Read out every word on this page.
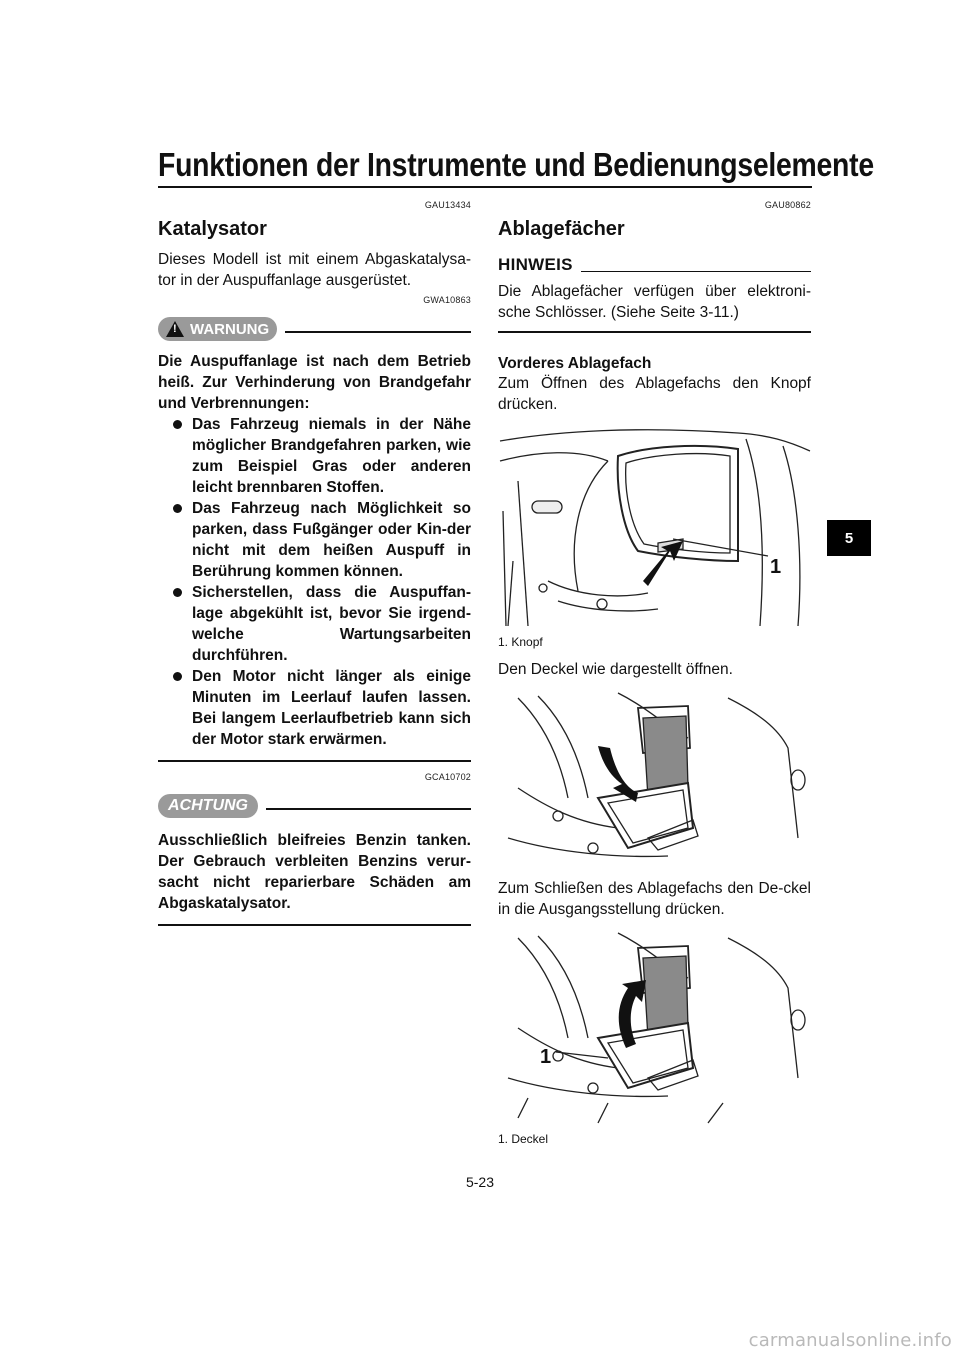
Funktionen der Instrumente und Bedienungselemente
GAU13434
Katalysator
Dieses Modell ist mit einem Abgaskatalysa-tor in der Auspuffanlage ausgerüstet.
GWA10863
! WARNUNG
Die Auspuffanlage ist nach dem Betrieb heiß. Zur Verhinderung von Brandgefahr und Verbrennungen:
Das Fahrzeug niemals in der Nähe möglicher Brandgefahren parken, wie zum Beispiel Gras oder anderen leicht brennbaren Stoffen.
Das Fahrzeug nach Möglichkeit so parken, dass Fußgänger oder Kin-der nicht mit dem heißen Auspuff in Berührung kommen können.
Sicherstellen, dass die Auspuffan-lage abgekühlt ist, bevor Sie irgend-welche Wartungsarbeiten durchführen.
Den Motor nicht länger als einige Minuten im Leerlauf laufen lassen. Bei langem Leerlaufbetrieb kann sich der Motor stark erwärmen.
GCA10702
ACHTUNG
Ausschließlich bleifreies Benzin tanken. Der Gebrauch verbleiten Benzins verur-sacht nicht reparierbare Schäden am Abgaskatalysator.
GAU80862
Ablagefächer
HINWEIS
Die Ablagefächer verfügen über elektroni-sche Schlösser. (Siehe Seite 3-11.)
Vorderes Ablagefach
Zum Öffnen des Ablagefachs den Knopf drücken.
1
1. Knopf
Den Deckel wie dargestellt öffnen.
Zum Schließen des Ablagefachs den De-ckel in die Ausgangsstellung drücken.
1
1. Deckel
5
5-23
carmanualsonline.info
